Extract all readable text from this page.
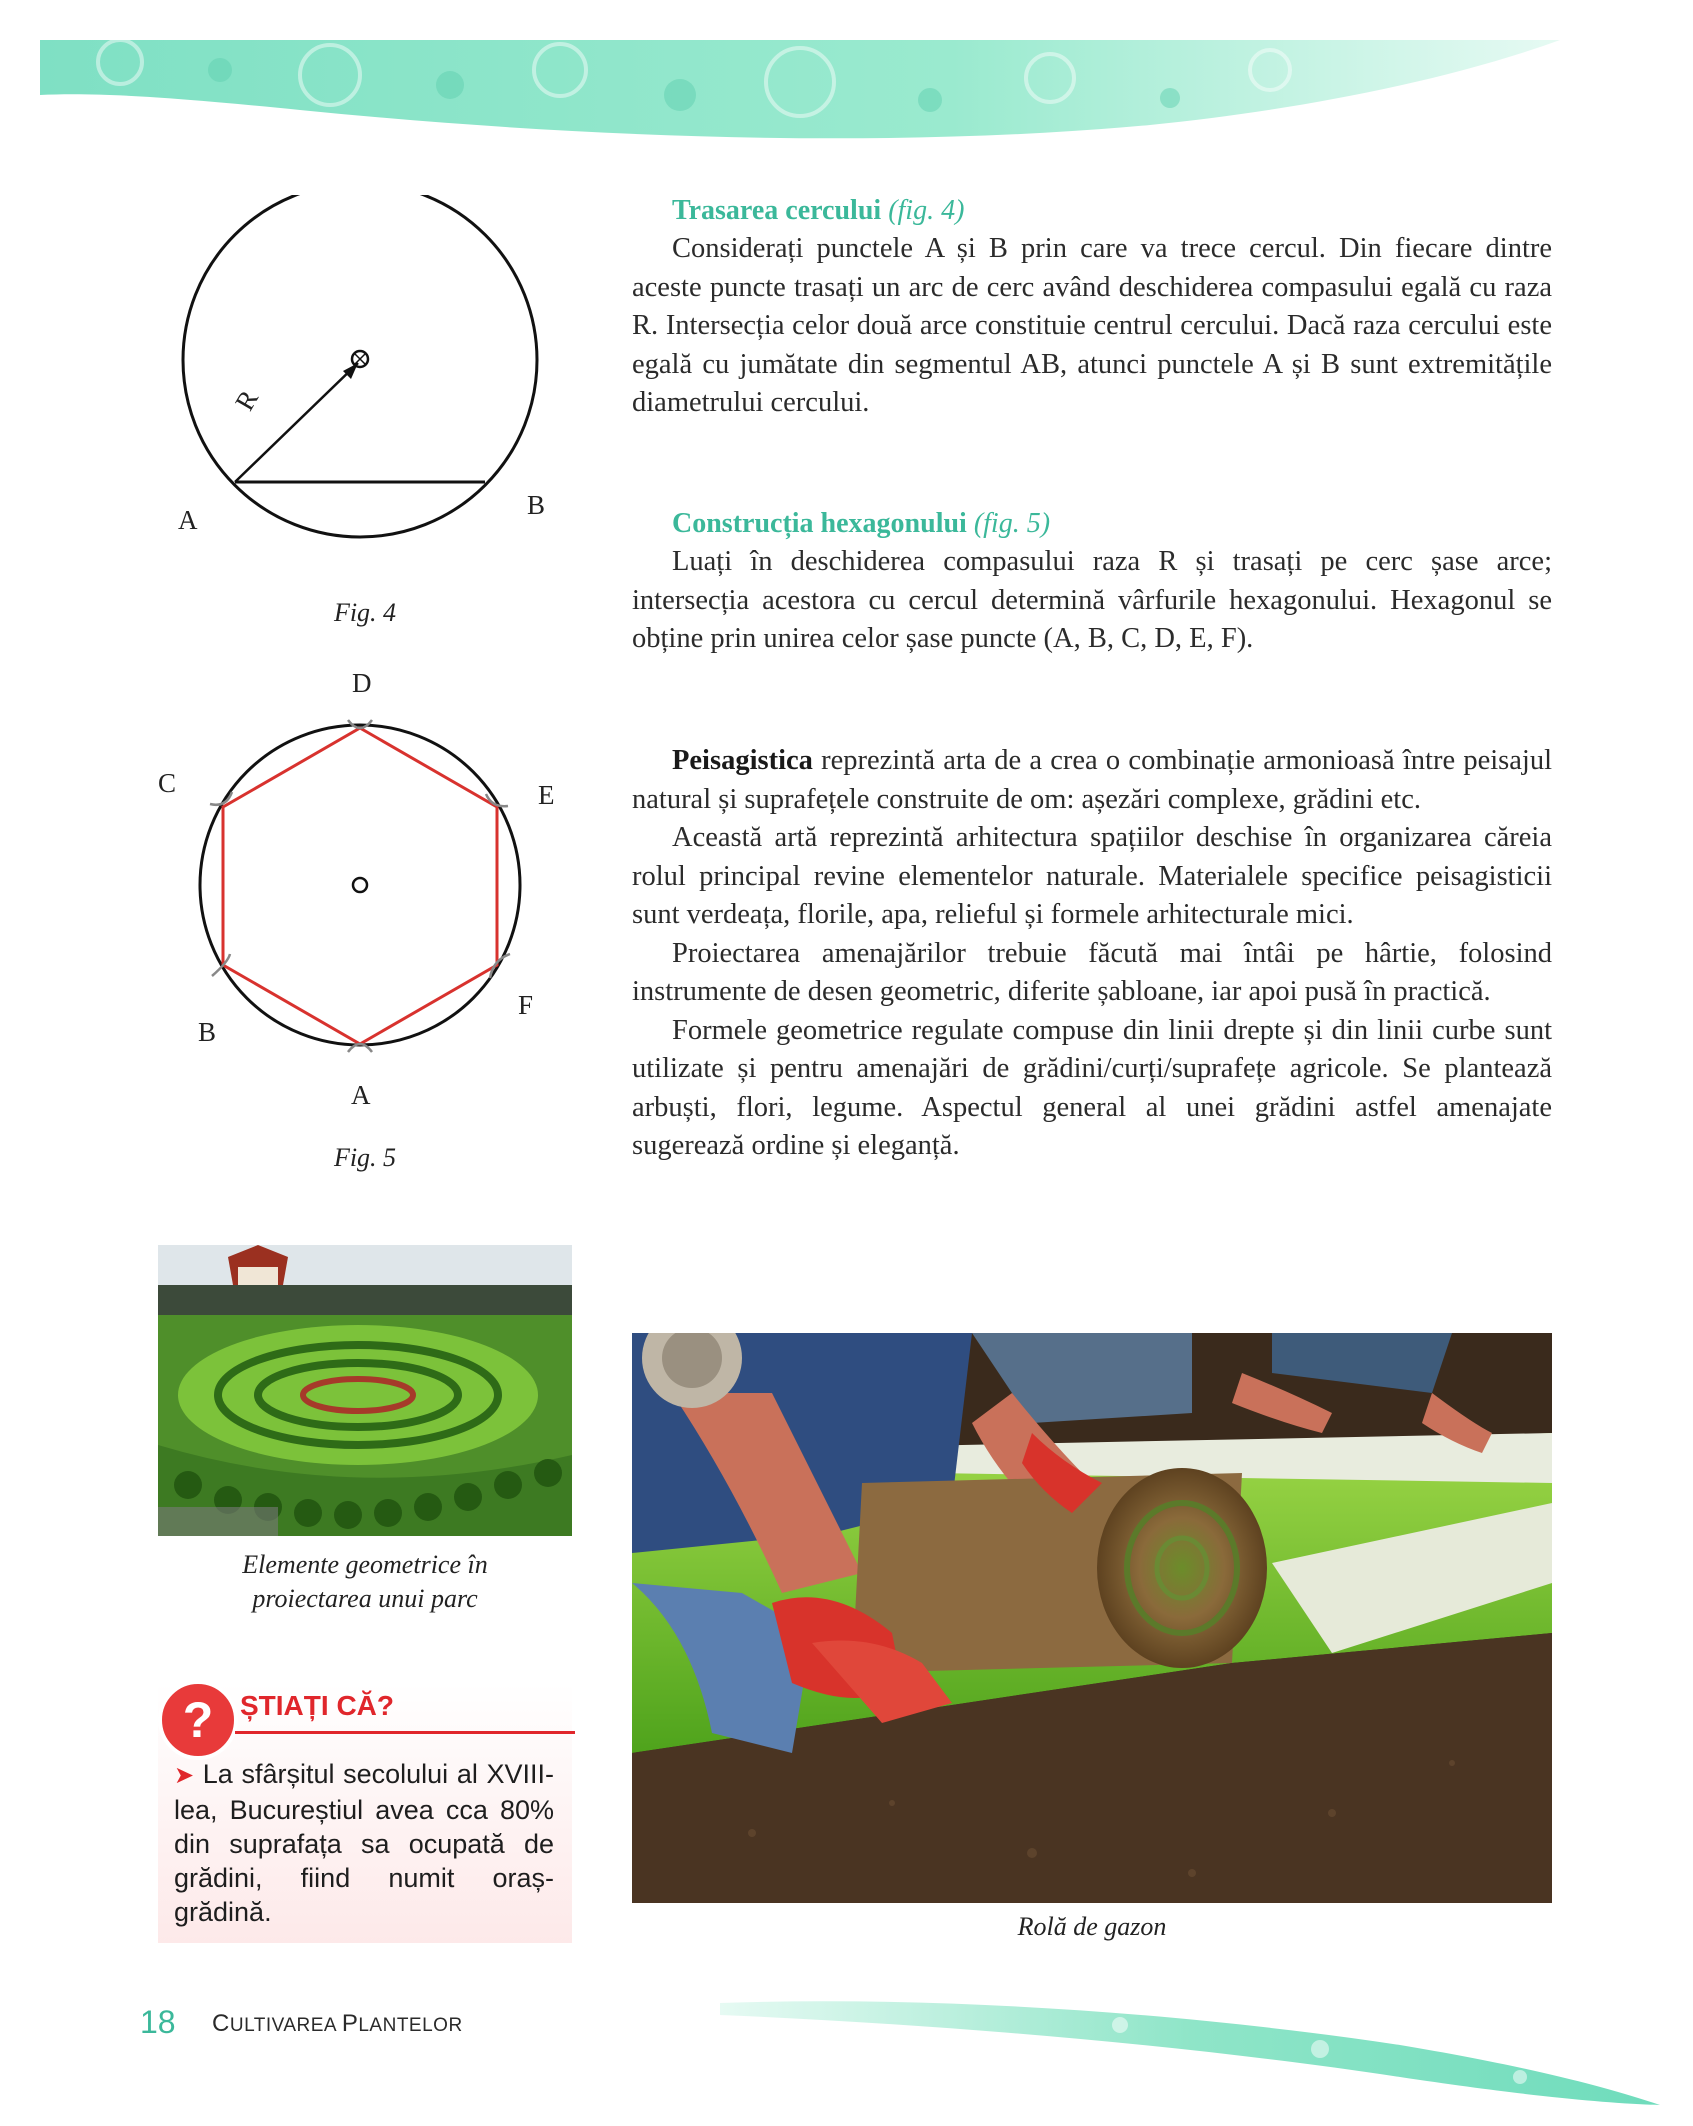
R
A	B
Fig. 4
D
C	E
F
B
A
Fig. 5
Elemente geometrice în
proiectarea unui parc
? ȘTIAȚI CĂ?
➤ La sfârșitul secolului al XVIII-lea, Bucureștiul avea cca 80% din suprafața sa ocupată de grădini, fiind numit oraș-grădină.
Trasarea cercului (fig. 4)

Considerați punctele A și B prin care va trece cercul. Din fiecare dintre aceste puncte trasați un arc de cerc având deschiderea compasului egală cu raza R. Intersecția celor două arce constituie centrul cercului. Dacă raza cercului este egală cu jumătate din segmentul AB, atunci punctele A și B sunt extremitățile diametrului cercului.

Construcția hexagonului (fig. 5)

Luați în deschiderea compasului raza R și trasați pe cerc șase arce; intersecția acestora cu cercul determină vârfurile hexagonului. Hexagonul se obține prin unirea celor șase puncte (A, B, C, D, E, F).

Peisagistica reprezintă arta de a crea o combinație armonioasă între peisajul natural și suprafețele construite de om: așezări complexe, grădini etc.

Această artă reprezintă arhitectura spațiilor deschise în organizarea căreia rolul principal revine elementelor naturale. Materialele specifice peisagisticii sunt verdeața, florile, apa, relieful și formele arhitecturale mici.

Proiectarea amenajărilor trebuie făcută mai întâi pe hârtie, folosind instrumente de desen geometric, diferite șabloane, iar apoi pusă în practică.

Formele geometrice regulate compuse din linii drepte și din linii curbe sunt utilizate și pentru amenajări de grădini/curți/suprafețe agricole. Se plantează arbuști, flori, legume. Aspectul general al unei grădini astfel amenajate sugerează ordine și eleganță.

Rolă de gazon
18 CULTIVAREA PLANTELOR
